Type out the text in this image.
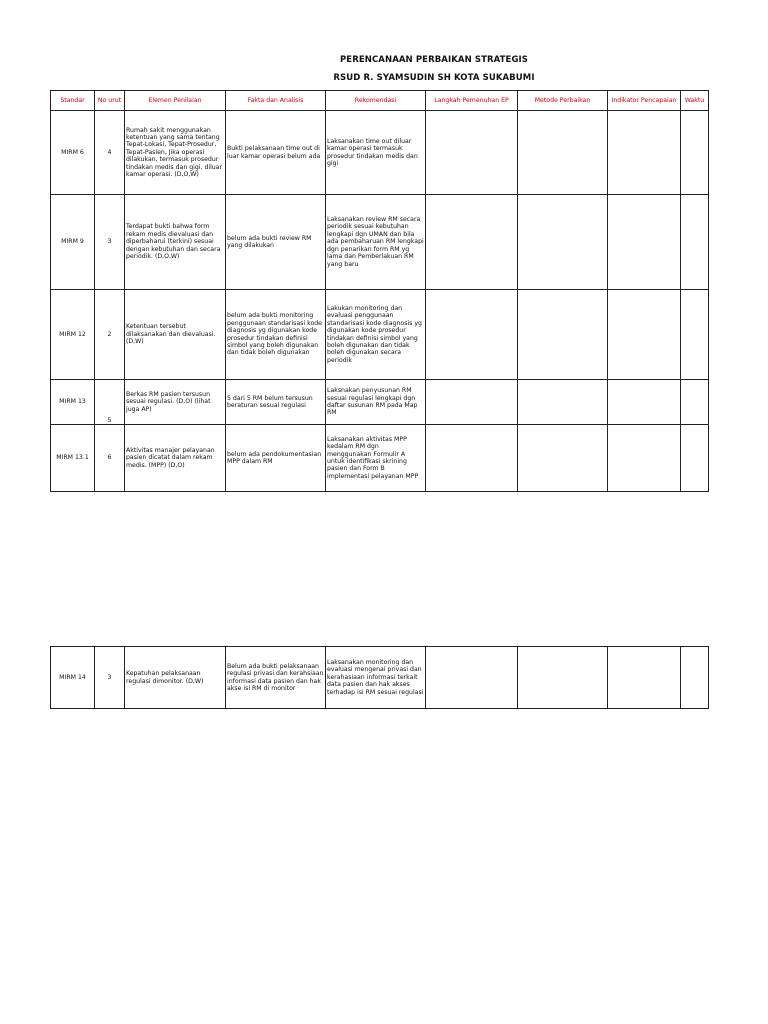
PERENCANAAN PERBAIKAN STRATEGIS
RSUD R. SYAMSUDIN SH KOTA SUKABUMI
Standar	No urut	Elemen Penilaian	Fakta dan Analisis	Rekomendasi	Langkah Pemenuhan EP	Metode Perbaikan	Indikator Pencapaian	Waktu
MIRM 6	4	Rumah sakit menggunakan ketentuan yang sama tentang Tepat-Lokasi, Tepat-Prosedur, Tepat-Pasien, Jika operasi dilakukan, termasuk prosedur tindakan medis dan gigi, diluar kamar operasi. (D,O,W)	Bukti pelaksanaan time out di luar kamar operasi belum ada	Laksanakan time out diluar kamar operasi termasuk prosedur tindakan medis dan gigi				
MIRM 9	3	Terdapat bukti bahwa form rekam medis dievaluasi dan diperbaharui (terkini) sesuai dengan kebutuhan dan secara periodik. (D,O,W)	belum ada bukti review RM yang dilakukan	Laksanakan review RM secara periodik sesuai kebutuhan lengkapi dgn UMAN dan bila ada pembaharuan RM lengkapi dgn penarikan form RM yg lama dan Pemberlakuan RM yang baru				
MIRM 12	2	Ketentuan tersebut dilaksanakan dan dievaluasi. (D,W)	belum ada bukti monitoring penggunaan standarisasi kode diagnosis yg digunakan kode prosedur tindakan definisi simbol yang boleh digunakan dan tidak boleh digunakan	Lakukan monitoring dan evaluasi penggunaan standarisasi kode diagnosis yg digunakan kode prosedur tindakan definisi simbol yang boleh digunakan dan tidak boleh digunakan secara periodik				
MIRM 13	5	Berkas RM pasien tersusun sesuai regulasi. (D,O) (lihat juga AP)	5 dari 5 RM belum tersusun beraturan sesuai regulasi	Laksnakan penyusunan RM sesuai regulasi lengkapi dgn daftar susunan RM pada Map RM				
MIRM 13.1	6	Aktivitas manajer pelayanan pasien dicatat dalam rekam medis. (MPP) (D,O)	belum ada pendokumentasian MPP dalam RM	Laksanakan aktivitas MPP kedalam RM dgn menggunakan Formulir A untuk identifikasi skrining pasien dan Form B implementasi pelayanan MPP				
MIRM 14	3	Kepatuhan pelaksanaan regulasi dimonitor. (D,W)	Belum ada bukti pelaksanaan regulasi privasi dan kerahsiaan informasi data pasien dan hak akse isi RM di monitor	Laksanakan monitoring dan evaluasi mengenai privasi dan kerahasiaan informasi terkait data pasien dan hak akses terhadap isi RM sesuai regulasi				
